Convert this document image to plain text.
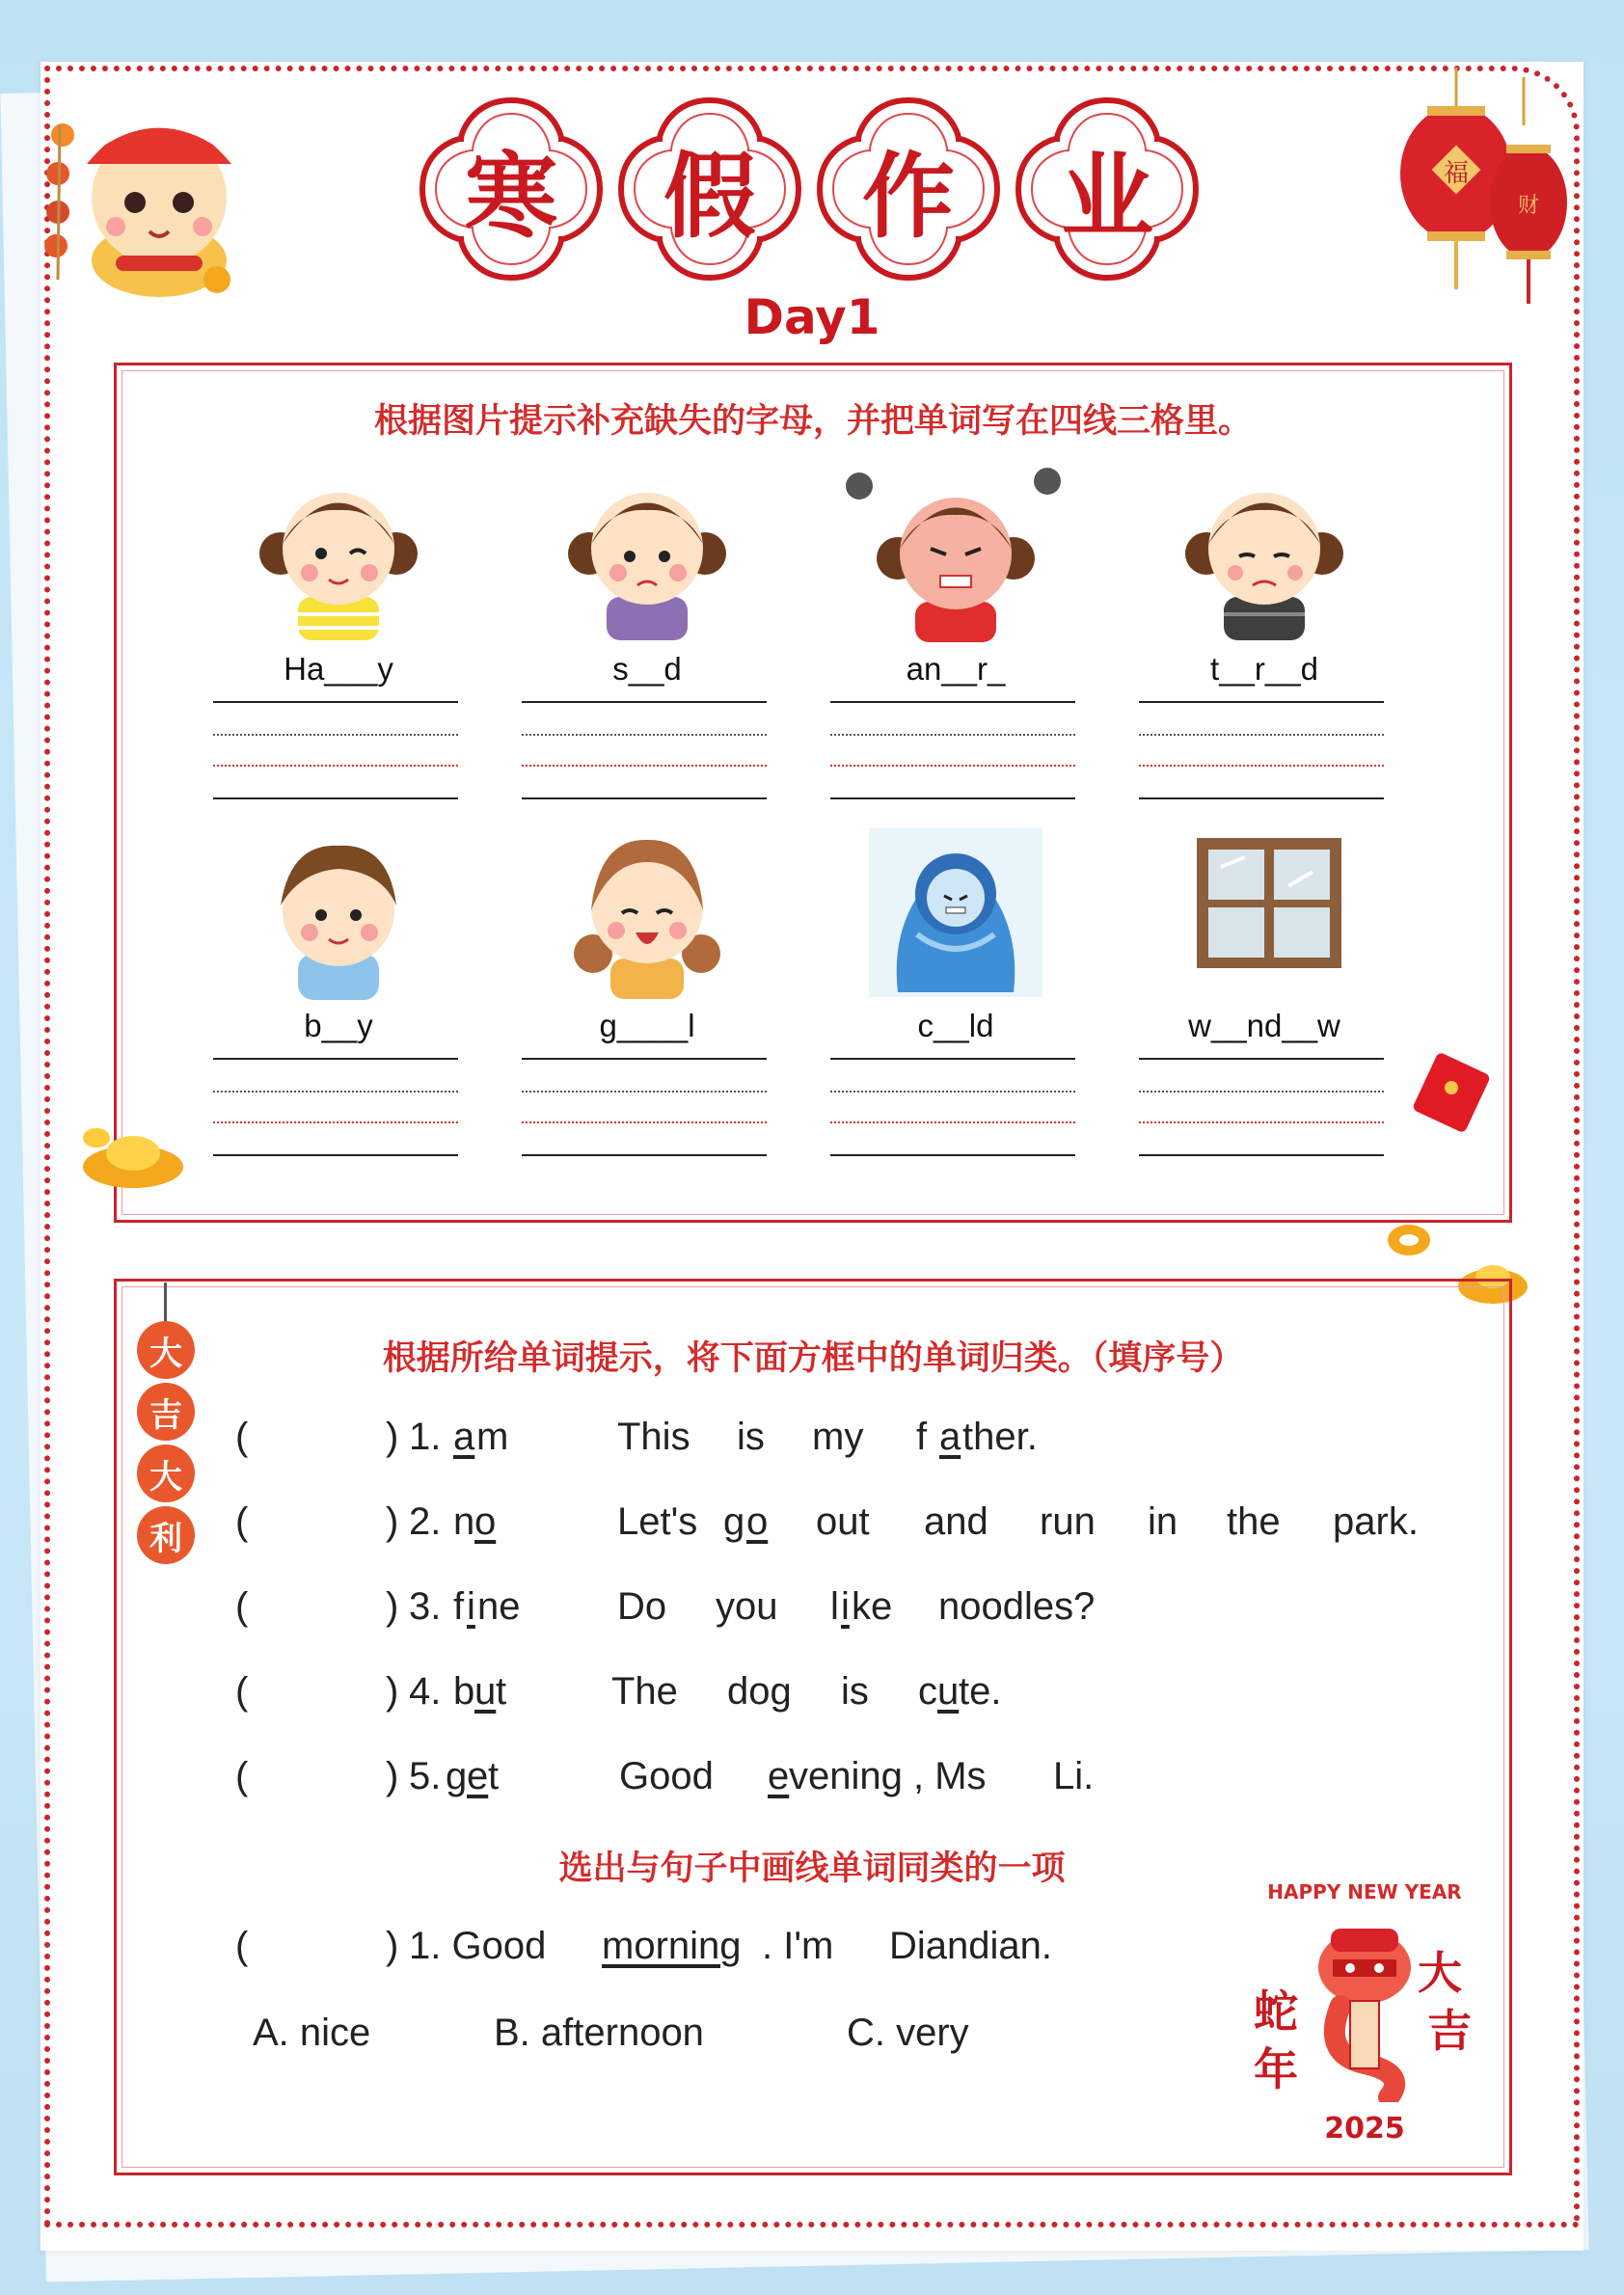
福
财
寒	假	作	业
Day1
根据图片提示补充缺失的字母，并把单词写在四线三格里。
Ha___y	s__d	an__r_	t__r__d
b__y	g____l	c__ld	w__nd__w
根据所给单词提示，将下面方框中的单词归类。（填序号）
大
吉
大
利
(	) 1. a m	This is my f a ther.
(	) 2. n o	Let's g o out and run in the park.
(	) 3. f i ne	Do you l i ke noodles?
(	) 4. b u t	The dog is c u te.
(	) 5. g e t	Good e vening , Ms Li.
选出与句子中画线单词同类的一项
(	) 1. Good morning . I'm Diandian.
A. nice	B. afternoon	C. very
HAPPY NEW YEAR
蛇
年
大
吉
2025
